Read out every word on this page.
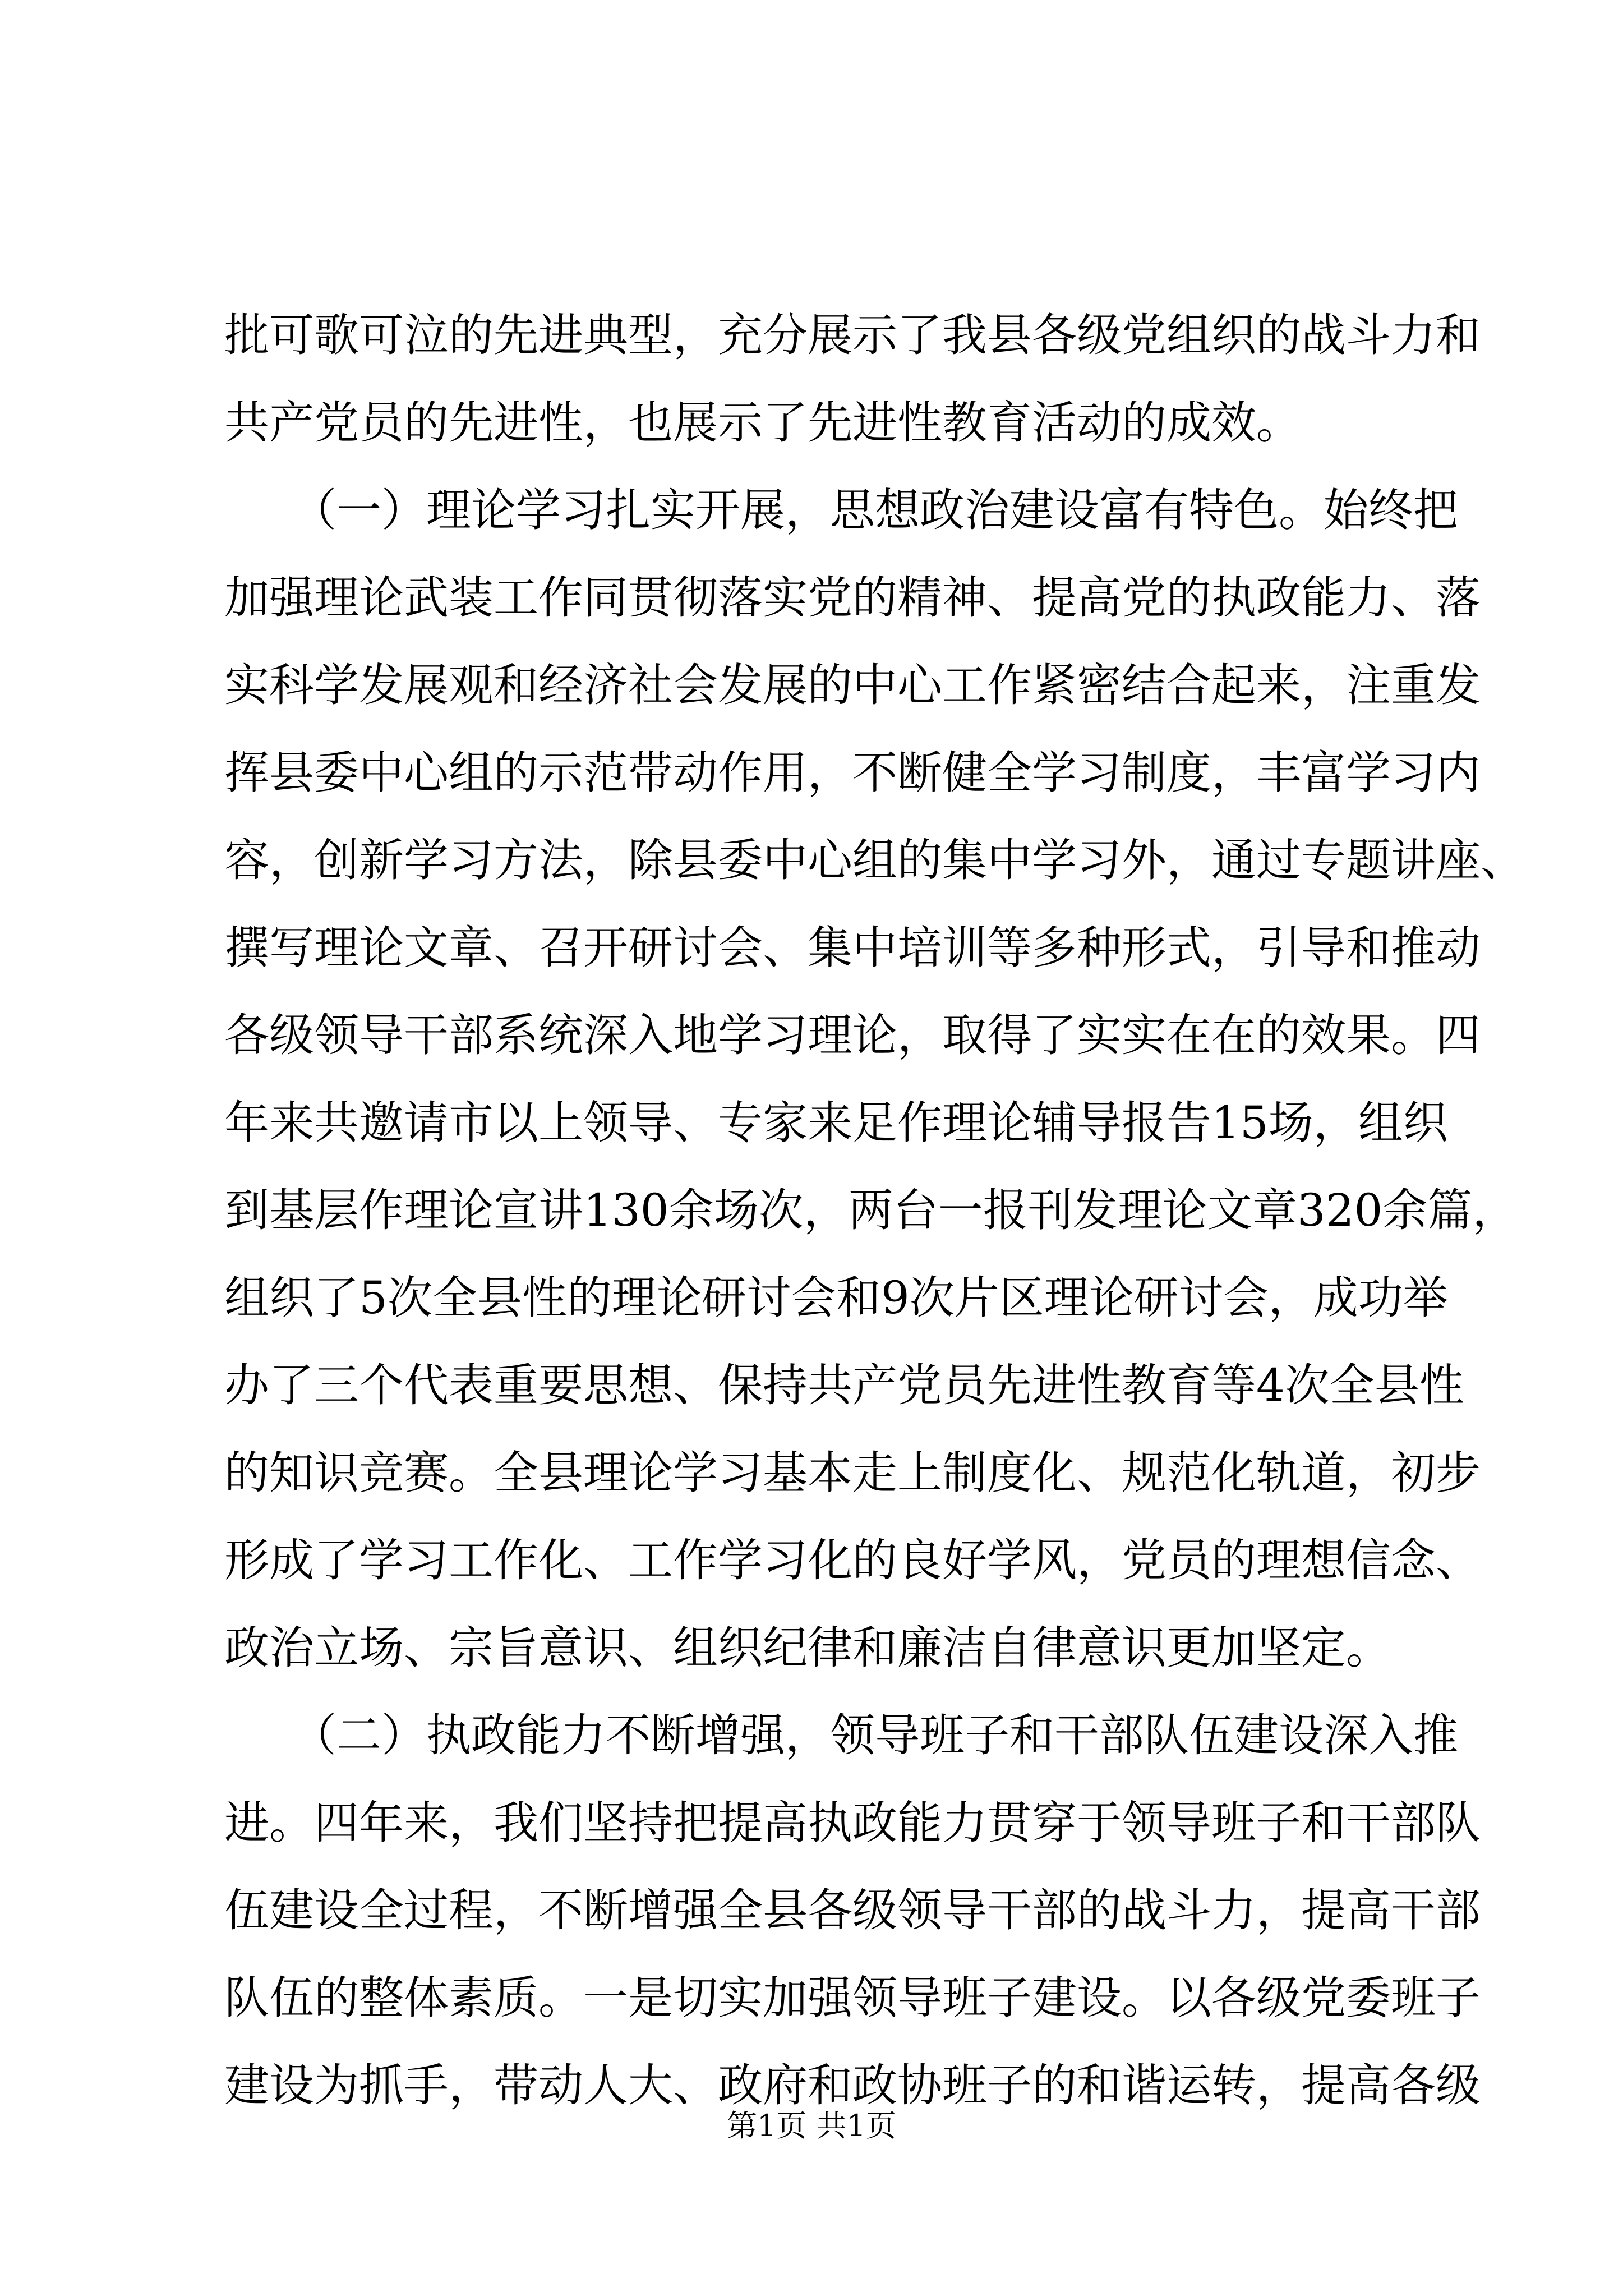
批可歌可泣的先进典型，充分展示了我县各级党组织的战斗力和
共产党员的先进性，也展示了先进性教育活动的成效。
　　（一）理论学习扎实开展，思想政治建设富有特色。始终把
加强理论武装工作同贯彻落实党的精神、提高党的执政能力、落
实科学发展观和经济社会发展的中心工作紧密结合起来，注重发
挥县委中心组的示范带动作用，不断健全学习制度，丰富学习内
容，创新学习方法，除县委中心组的集中学习外，通过专题讲座、
撰写理论文章、召开研讨会、集中培训等多种形式，引导和推动
各级领导干部系统深入地学习理论，取得了实实在在的效果。四
年来共邀请市以上领导、专家来足作理论辅导报告15场，组织
到基层作理论宣讲130余场次，两台一报刊发理论文章320余篇，
组织了5次全县性的理论研讨会和9次片区理论研讨会，成功举
办了三个代表重要思想、保持共产党员先进性教育等4次全县性
的知识竞赛。全县理论学习基本走上制度化、规范化轨道，初步
形成了学习工作化、工作学习化的良好学风，党员的理想信念、
政治立场、宗旨意识、组织纪律和廉洁自律意识更加坚定。
　　（二）执政能力不断增强，领导班子和干部队伍建设深入推
进。四年来，我们坚持把提高执政能力贯穿于领导班子和干部队
伍建设全过程，不断增强全县各级领导干部的战斗力，提高干部
队伍的整体素质。一是切实加强领导班子建设。以各级党委班子
建设为抓手，带动人大、政府和政协班子的和谐运转，提高各级
第1页 共1页
